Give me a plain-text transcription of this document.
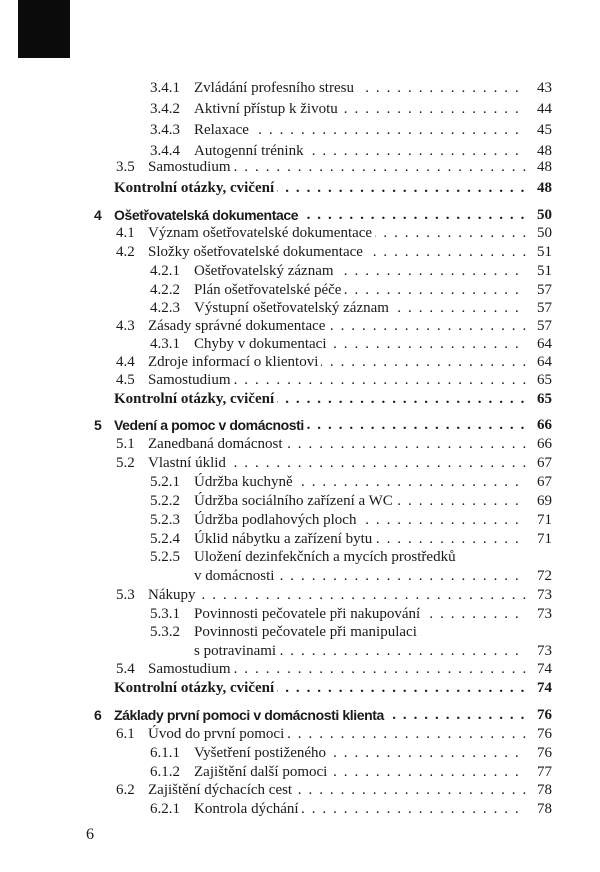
3.4.1 Zvládání profesního stresu . . .	43
3.4.2 Aktivní přístup k životu . . .	44
3.4.3 Relaxace . . .	45
3.4.4 Autogenní trénink . . .	48
3.5 Samostudium . . .	48
Kontrolní otázky, cvičení . . .	48
4 Ošetřovatelská dokumentace . . .	50
4.1 Význam ošetřovatelské dokumentace . . .	50
4.2 Složky ošetřovatelské dokumentace . . .	51
4.2.1 Ošetřovatelský záznam . . .	51
4.2.2 Plán ošetřovatelské péče . . .	57
4.2.3 Výstupní ošetřovatelský záznam . . .	57
4.3 Zásady správné dokumentace . . .	57
4.3.1 Chyby v dokumentaci . . .	64
4.4 Zdroje informací o klientovi . . .	64
4.5 Samostudium . . .	65
Kontrolní otázky, cvičení . . .	65
5 Vedení a pomoc v domácnosti . . .	66
5.1 Zanedbaná domácnost . . .	66
5.2 Vlastní úklid . . .	67
5.2.1 Údržba kuchyně . . .	67
5.2.2 Údržba sociálního zařízení a WC . . .	69
5.2.3 Údržba podlahových ploch . . .	71
5.2.4 Úklid nábytku a zařízení bytu . . .	71
5.2.5 Uložení dezinfekčních a mycích prostředků
v domácnosti . . .	72
5.3 Nákupy . . .	73
5.3.1 Povinnosti pečovatele při nakupování . . .	73
5.3.2 Povinnosti pečovatele při manipulaci
s potravinami . . .	73
5.4 Samostudium . . .	74
Kontrolní otázky, cvičení . . .	74
6 Základy první pomoci v domácnosti klienta . . .	76
6.1 Úvod do první pomoci . . .	76
6.1.1 Vyšetření postiženého . . .	76
6.1.2 Zajištění další pomoci . . .	77
6.2 Zajištění dýchacích cest . . .	78
6.2.1 Kontrola dýchání . . .	78
6
